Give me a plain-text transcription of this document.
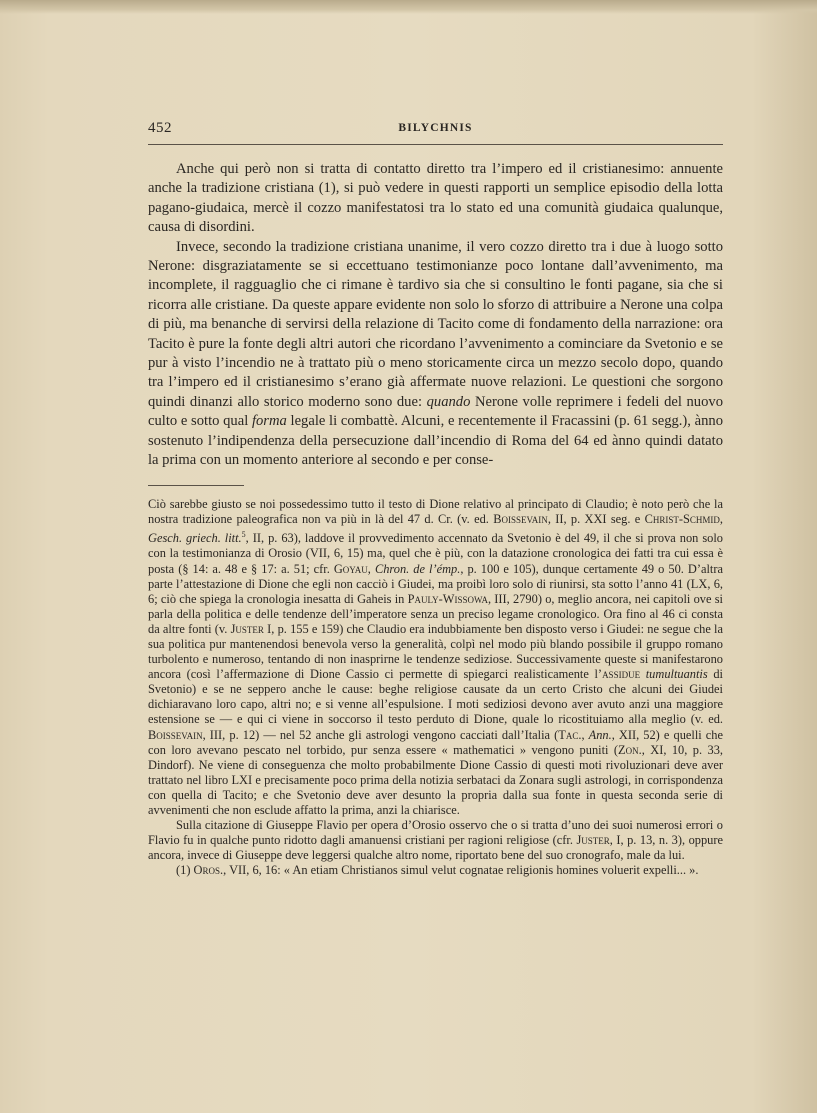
452	BILYCHNIS

Anche qui però non si tratta di contatto diretto tra l’impero ed il cristianesimo: annuente anche la tradizione cristiana (1), si può vedere in questi rapporti un semplice episodio della lotta pagano-giudaica, mercè il cozzo manifestatosi tra lo stato ed una comunità giudaica qualunque, causa di disordini.

Invece, secondo la tradizione cristiana unanime, il vero cozzo diretto tra i due à luogo sotto Nerone: disgraziatamente se si eccettuano testimonianze poco lontane dall’avvenimento, ma incomplete, il ragguaglio che ci rimane è tardivo sia che si consultino le fonti pagane, sia che si ricorra alle cristiane. Da queste appare evidente non solo lo sforzo di attribuire a Nerone una colpa di più, ma benanche di servirsi della relazione di Tacito come di fondamento della narrazione: ora Tacito è pure la fonte degli altri autori che ricordano l’avvenimento a cominciare da Svetonio e se pur à visto l’incendio ne à trattato più o meno storicamente circa un mezzo secolo dopo, quando tra l’impero ed il cristianesimo s’erano già affermate nuove relazioni. Le questioni che sorgono quindi dinanzi allo storico moderno sono due: quando Nerone volle reprimere i fedeli del nuovo culto e sotto qual forma legale li combattè. Alcuni, e recentemente il Fracassini (p. 61 segg.), ànno sostenuto l’indipendenza della persecuzione dall’incendio di Roma del 64 ed ànno quindi datato la prima con un momento anteriore al secondo e per conse-

Ciò sarebbe giusto se noi possedessimo tutto il testo di Dione relativo al principato di Claudio; è noto però che la nostra tradizione paleografica non va più in là del 47 d. Cr. (v. ed. Boissevain, II, p. XXI seg. e Christ-Schmid, Gesch. griech. litt.$^5$, II, p. 63), laddove il provvedimento accennato da Svetonio è del 49, il che si prova non solo con la testimonianza di Orosio (VII, 6, 15) ma, quel che è più, con la datazione cronologica dei fatti tra cui essa è posta (§ 14: a. 48 e § 17: a. 51; cfr. Goyau, Chron. de l’émp., p. 100 e 105), dunque certamente 49 o 50. D’altra parte l’attestazione di Dione che egli non cacciò i Giudei, ma proibì loro solo di riunirsi, sta sotto l’anno 41 (LX, 6, 6; ciò che spiega la cronologia inesatta di Gaheis in Pauly-Wissowa, III, 2790) o, meglio ancora, nei capitoli ove si parla della politica e delle tendenze dell’imperatore senza un preciso legame cronologico. Ora fino al 46 ci consta da altre fonti (v. Juster I, p. 155 e 159) che Claudio era indubbiamente ben disposto verso i Giudei: ne segue che la sua politica pur mantenendosi benevola verso la generalità, colpì nel modo più blando possibile il gruppo romano turbolento e numeroso, tentando di non inasprirne le tendenze sediziose. Successivamente queste si manifestarono ancora (così l’affermazione di Dione Cassio ci permette di spiegarci realisticamente l’assidue tumultuantis di Svetonio) e se ne seppero anche le cause: beghe religiose causate da un certo Cristo che alcuni dei Giudei dichiaravano loro capo, altri no; e si venne all’espulsione. I moti sediziosi devono aver avuto anzi una maggiore estensione se — e qui ci viene in soccorso il testo perduto di Dione, quale lo ricostituiamo alla meglio (v. ed. Boissevain, III, p. 12) — nel 52 anche gli astrologi vengono cacciati dall’Italia (Tac., Ann., XII, 52) e quelli che con loro avevano pescato nel torbido, pur senza essere « mathematici » vengono puniti (Zon., XI, 10, p. 33, Dindorf). Ne viene di conseguenza che molto probabilmente Dione Cassio di questi moti rivoluzionari deve aver trattato nel libro LXI e precisamente poco prima della notizia serbataci da Zonara sugli astrologi, in corrispondenza con quella di Tacito; e che Svetonio deve aver desunto la propria dalla sua fonte in questa seconda serie di avvenimenti che non esclude affatto la prima, anzi la chiarisce.

Sulla citazione di Giuseppe Flavio per opera d’Orosio osservo che o si tratta d’uno dei suoi numerosi errori o Flavio fu in qualche punto ridotto dagli amanuensi cristiani per ragioni religiose (cfr. Juster, I, p. 13, n. 3), oppure ancora, invece di Giuseppe deve leggersi qualche altro nome, riportato bene del suo cronografo, male da lui.

(1) Oros., VII, 6, 16: « An etiam Christianos simul velut cognatae religionis homines voluerit expelli... ».
